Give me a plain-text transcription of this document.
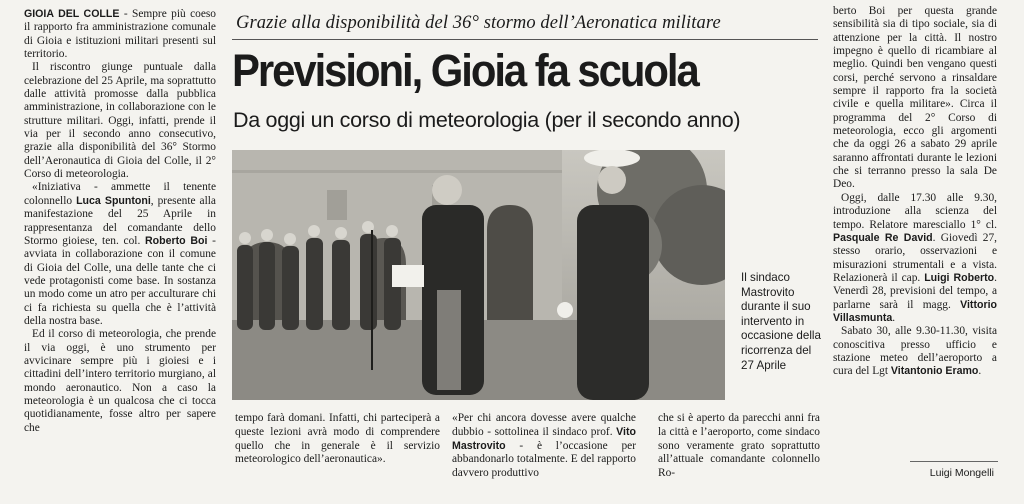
GIOIA DEL COLLE - Sempre più coeso il rapporto fra amministrazione comunale di Gioia e istituzioni militari presenti sul territorio.

Il riscontro giunge puntuale dalla celebrazione del 25 Aprile, ma soprattutto dalle attività promosse dalla pubblica amministrazione, in collaborazione con le strutture militari. Oggi, infatti, prende il via per il secondo anno consecutivo, grazie alla disponibilità del 36° Stormo dell’Aeronautica di Gioia del Colle, il 2° Corso di meteorologia.

«Iniziativa - ammette il tenente colonnello Luca Spuntoni, presente alla manifestazione del 25 Aprile in rappresentanza del comandante dello Stormo gioiese, ten. col. Roberto Boi - avviata in collaborazione con il comune di Gioia del Colle, una delle tante che ci vede protagonisti come base. In sostanza un modo come un atro per acculturare chi ci fa richiesta su quella che è l’attività della nostra base.

Ed il corso di meteorologia, che prende il via oggi, è uno strumento per avvicinare sempre più i gioiesi e i cittadini dell’intero territorio murgiano, al mondo aeronautico. Non a caso la meteorologia è un qualcosa che ci tocca quotidianamente, fosse altro per sapere che

Grazie alla disponibilità del 36° stormo dell’Aeronatica militare
Previsioni, Gioia fa scuola
Da oggi un corso di meteorologia (per il secondo anno)
Il sindaco Mastrovito durante il suo intervento in occasione della ricorrenza del 27 Aprile

tempo farà domani. Infatti, chi parteciperà a queste lezioni avrà modo di comprendere quello che in generale è il servizio meteorologico dell’aeronautica».

«Per chi ancora dovesse avere qualche dubbio - sottolinea il sindaco prof. Vito Mastrovito - è l’occasione per abbandonarlo totalmente. E del rapporto davvero produttivo

che si è aperto da parecchi anni fra la città e l’aeroporto, come sindaco sono veramente grato soprattutto all’attuale comandante colonnello Ro-

berto Boi per questa grande sensibilità sia di tipo sociale, sia di attenzione per la città. Il nostro impegno è quello di ricambiare al meglio. Quindi ben vengano questi corsi, perché servono a rinsaldare sempre il rapporto fra la società civile e quella militare». Circa il programma del 2° Corso di meteorologia, ecco gli argomenti che da oggi 26 a sabato 29 aprile saranno affrontati durante le lezioni che si terranno presso la sala De Deo.

Oggi, dalle 17.30 alle 9.30, introduzione alla scienza del tempo. Relatore maresciallo 1° cl. Pasquale Re David. Giovedì 27, stesso orario, osservazioni e misurazioni strumentali e a vista. Relazionerà il cap. Luigi Roberto. Venerdì 28, previsioni del tempo, a parlarne sarà il magg. Vittorio Villasmunta.

Sabato 30, alle 9.30-11.30, visita conoscitiva presso ufficio e stazione meteo dell’aeroporto a cura del Lgt Vitantonio Eramo.

Luigi Mongelli
